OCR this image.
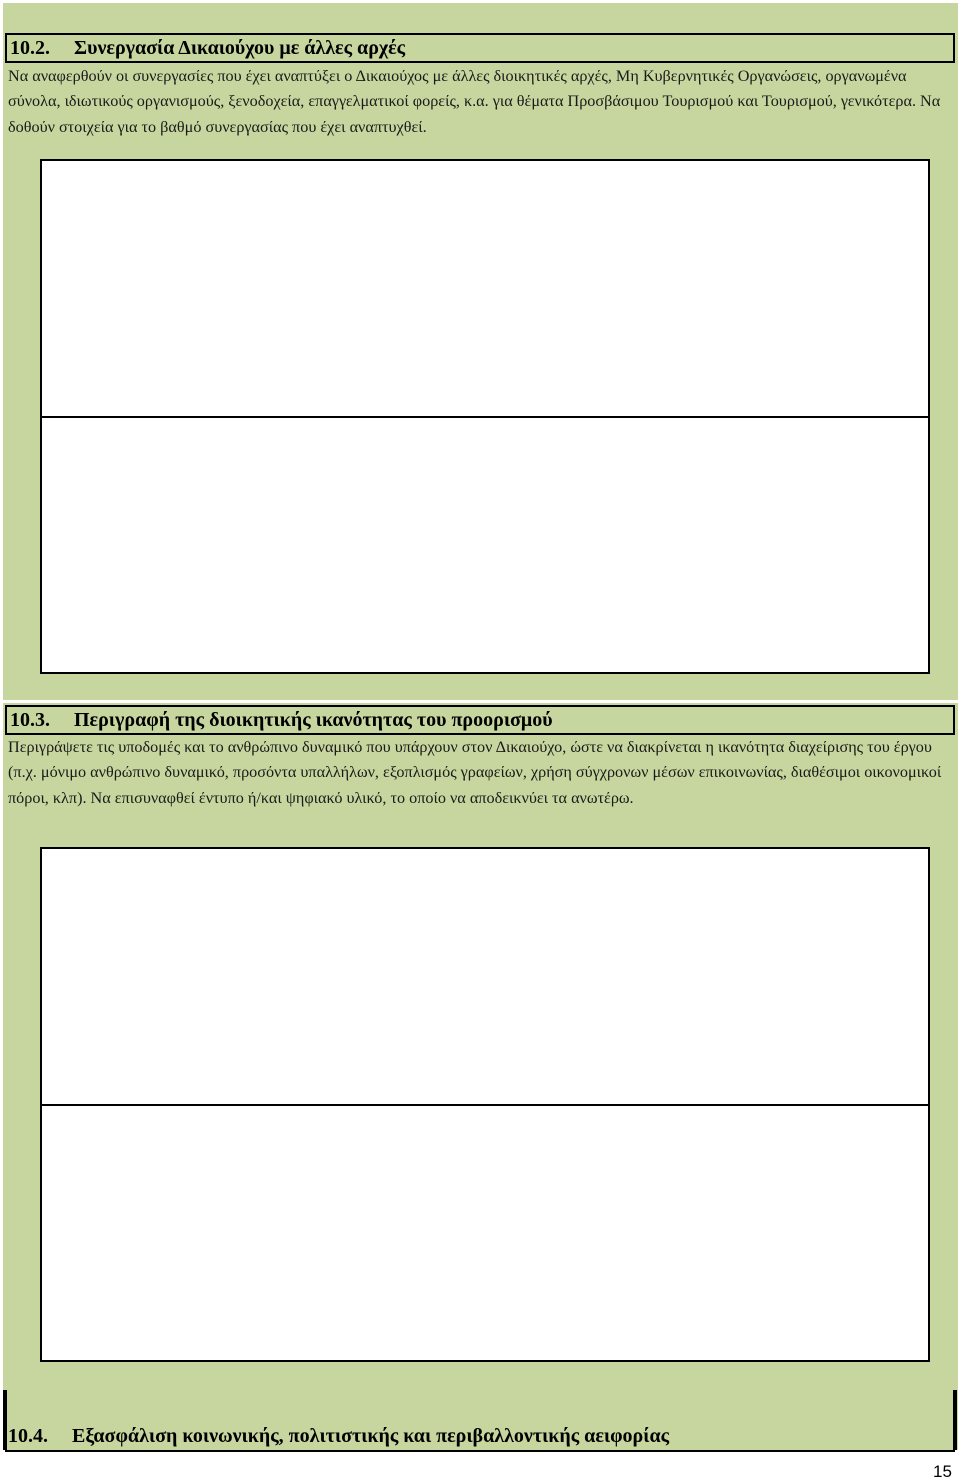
10.2.	Συνεργασία Δικαιούχου με άλλες αρχές
Να αναφερθούν οι συνεργασίες που έχει αναπτύξει ο Δικαιούχος με άλλες διοικητικές αρχές, Μη Κυβερνητικές Οργανώσεις, οργανωμένα σύνολα, ιδιωτικούς οργανισμούς, ξενοδοχεία, επαγγελματικοί φορείς, κ.α. για θέματα Προσβάσιμου Τουρισμού και Τουρισμού, γενικότερα. Να δοθούν στοιχεία για το βαθμό συνεργασίας που έχει αναπτυχθεί.
10.3.	Περιγραφή της διοικητικής ικανότητας του προορισμού
Περιγράψετε τις υποδομές και το ανθρώπινο δυναμικό που υπάρχουν στον Δικαιούχο, ώστε να διακρίνεται η ικανότητα διαχείρισης του έργου (π.χ. μόνιμο ανθρώπινο δυναμικό, προσόντα υπαλλήλων, εξοπλισμός γραφείων, χρήση σύγχρονων μέσων επικοινωνίας, διαθέσιμοι οικονομικοί πόροι, κλπ). Να επισυναφθεί έντυπο ή/και ψηφιακό υλικό, το οποίο να αποδεικνύει τα ανωτέρω.
10.4.	Εξασφάλιση κοινωνικής, πολιτιστικής και περιβαλλοντικής αειφορίας
15
